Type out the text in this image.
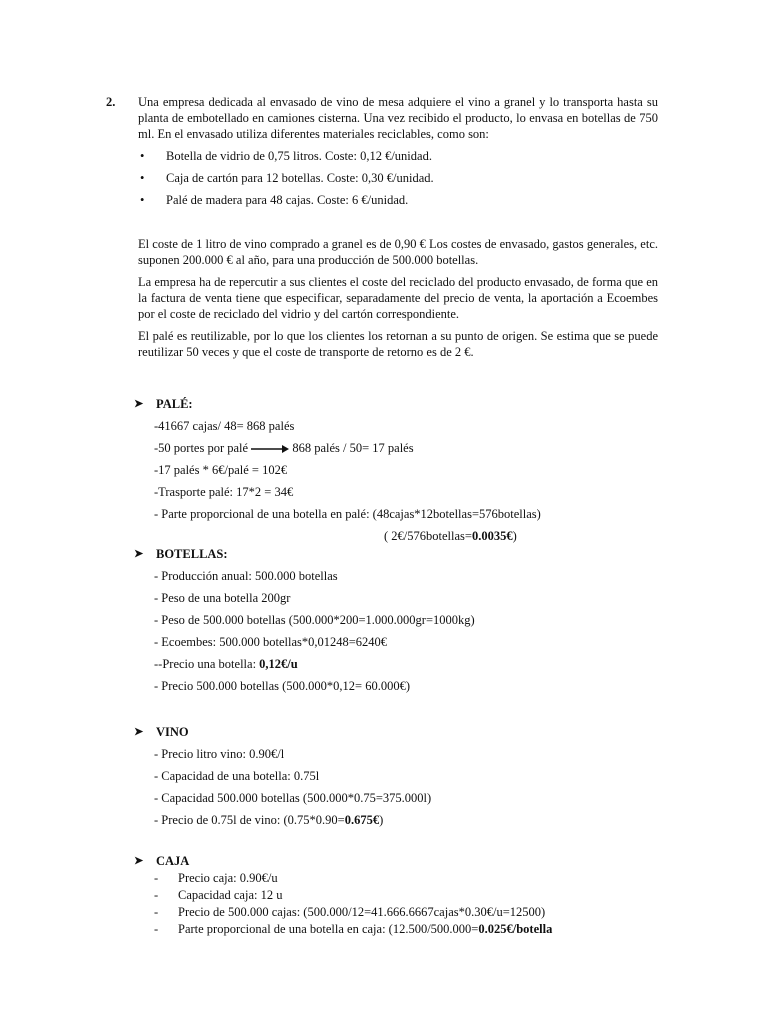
2. Una empresa dedicada al envasado de vino de mesa adquiere el vino a granel y lo transporta hasta su planta de embotellado en camiones cisterna. Una vez recibido el producto, lo envasa en botellas de 750 ml. En el envasado utiliza diferentes materiales reciclables, como son:

• Botella de vidrio de 0,75 litros. Coste: 0,12 €/unidad.
• Caja de cartón para 12 botellas. Coste: 0,30 €/unidad.
• Palé de madera para 48 cajas. Coste: 6 €/unidad.

El coste de 1 litro de vino comprado a granel es de 0,90 € Los costes de envasado, gastos generales, etc. suponen 200.000 € al año, para una producción de 500.000 botellas.

La empresa ha de repercutir a sus clientes el coste del reciclado del producto envasado, de forma que en la factura de venta tiene que especificar, separadamente del precio de venta, la aportación a Ecoembes por el coste de reciclado del vidrio y del cartón correspondiente.

El palé es reutilizable, por lo que los clientes los retornan a su punto de origen. Se estima que se puede reutilizar 50 veces y que el coste de transporte de retorno es de 2 €.

➤ PALÉ:
-41667 cajas/ 48= 868 palés
-50 portes por palé	868 palés / 50= 17 palés
-17 palés * 6€/palé = 102€
-Trasporte palé: 17*2 = 34€
- Parte proporcional de una botella en palé: (48cajas*12botellas=576botellas)
( 2€/576botellas=0.0035€)
➤ BOTELLAS:
- Producción anual: 500.000 botellas
- Peso de una botella 200gr
- Peso de 500.000 botellas (500.000*200=1.000.000gr=1000kg)
- Ecoembes: 500.000 botellas*0,01248=6240€
--Precio una botella: 0,12€/u
- Precio 500.000 botellas (500.000*0,12= 60.000€)
➤ VINO
- Precio litro vino: 0.90€/l
- Capacidad de una botella: 0.75l
- Capacidad 500.000 botellas (500.000*0.75=375.000l)
- Precio de 0.75l de vino: (0.75*0.90=0.675€)
➤ CAJA
- Precio caja: 0.90€/u
- Capacidad caja: 12 u
- Precio de 500.000 cajas: (500.000/12=41.666.6667cajas*0.30€/u=12500)
- Parte proporcional de una botella en caja: (12.500/500.000=0.025€/botella
